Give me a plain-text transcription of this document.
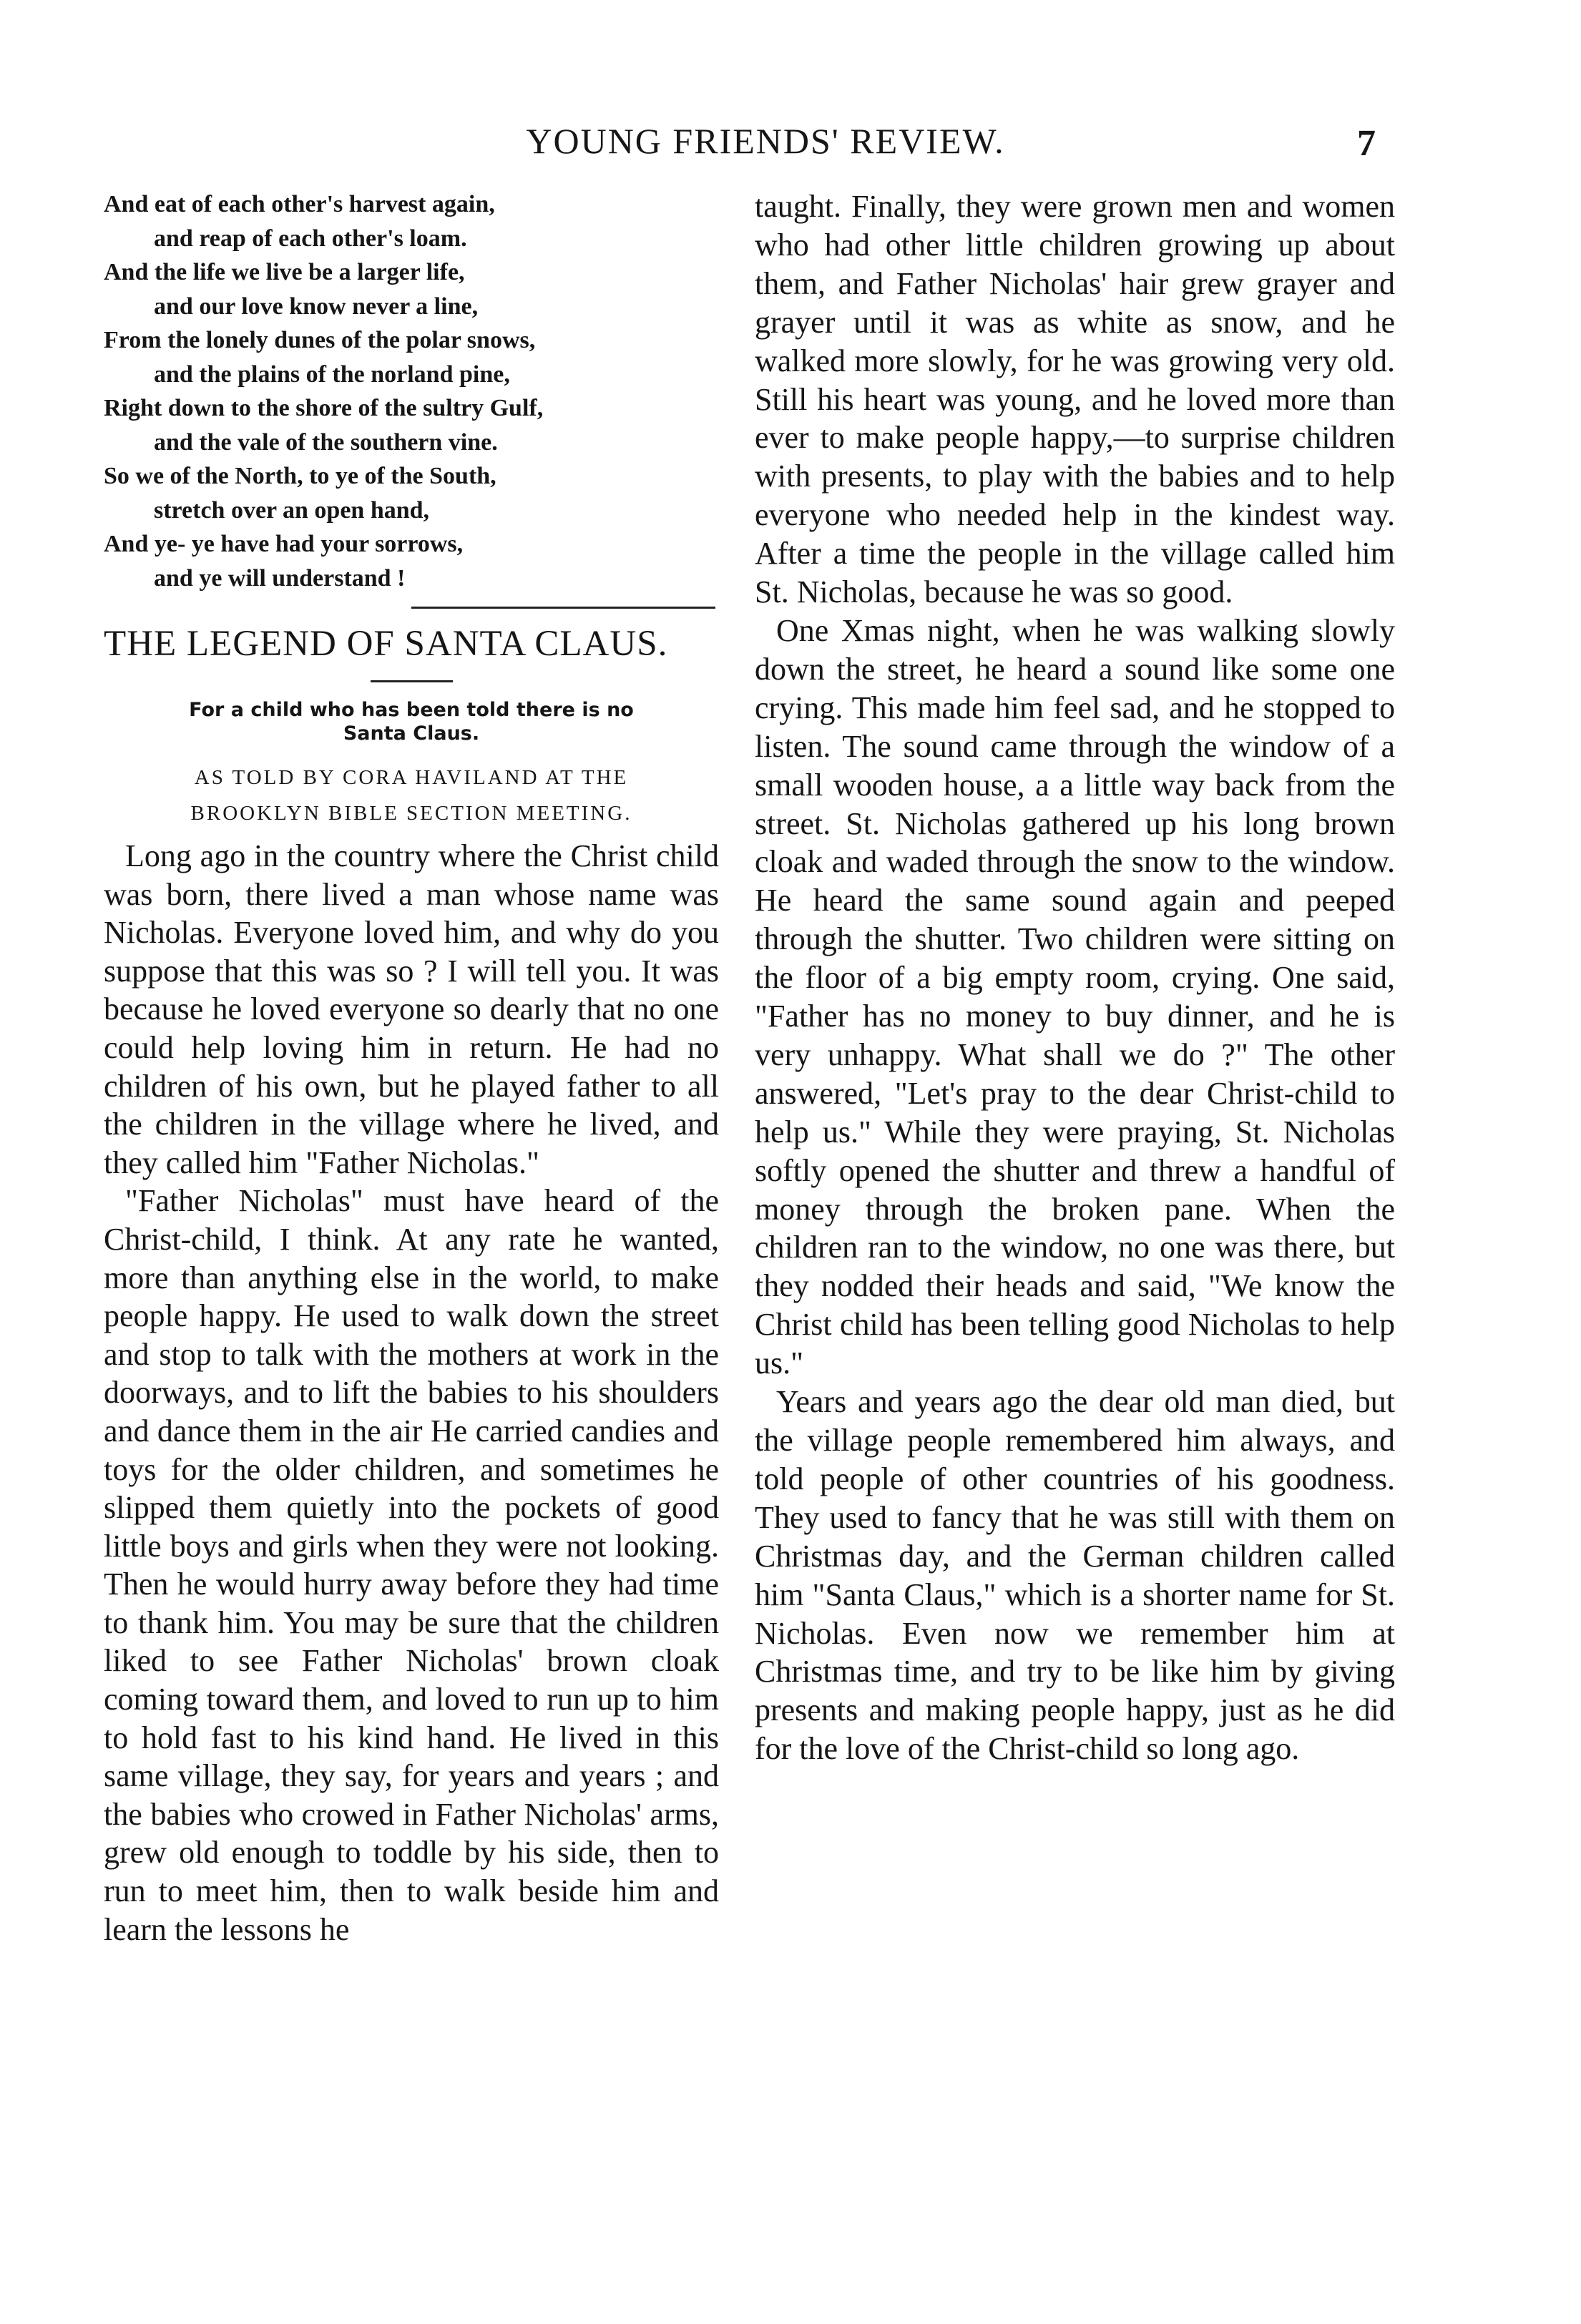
YOUNG FRIENDS' REVIEW.	7
And eat of each other's harvest again,
and reap of each other's loam.
And the life we live be a larger life,
and our love know never a line,
From the lonely dunes of the polar snows,
and the plains of the norland pine,
Right down to the shore of the sultry Gulf,
and the vale of the southern vine.
So we of the North, to ye of the South,
stretch over an open hand,
And ye- ye have had your sorrows,
and ye will understand !
THE LEGEND OF SANTA CLAUS.
For a child who has been told there is no
Santa Claus.
AS TOLD BY CORA HAVILAND AT THE
BROOKLYN BIBLE SECTION MEETING.

Long ago in the country where the Christ child was born, there lived a man whose name was Nicholas. Everyone loved him, and why do you suppose that this was so ? I will tell you. It was because he loved everyone so dearly that no one could help loving him in return. He had no children of his own, but he played father to all the children in the village where he lived, and they called him "Father Nicholas."

"Father Nicholas" must have heard of the Christ-child, I think. At any rate he wanted, more than anything else in the world, to make people happy. He used to walk down the street and stop to talk with the mothers at work in the doorways, and to lift the babies to his shoulders and dance them in the air He carried candies and toys for the older children, and sometimes he slipped them quietly into the pockets of good little boys and girls when they were not looking. Then he would hurry away before they had time to thank him. You may be sure that the children liked to see Father Nicholas' brown cloak coming toward them, and loved to run up to him to hold fast to his kind hand. He lived in this same village, they say, for years and years ; and the babies who crowed in Father Nicholas' arms, grew old enough to toddle by his side, then to run to meet him, then to walk beside him and learn the lessons he

taught. Finally, they were grown men and women who had other little children growing up about them, and Father Nicholas' hair grew grayer and grayer until it was as white as snow, and he walked more slowly, for he was growing very old. Still his heart was young, and he loved more than ever to make people happy,—to surprise children with presents, to play with the babies and to help everyone who needed help in the kindest way. After a time the people in the village called him St. Nicholas, because he was so good.

One Xmas night, when he was walking slowly down the street, he heard a sound like some one crying. This made him feel sad, and he stopped to listen. The sound came through the window of a small wooden house, a a little way back from the street. St. Nicholas gathered up his long brown cloak and waded through the snow to the window. He heard the same sound again and peeped through the shutter. Two children were sitting on the floor of a big empty room, crying. One said, "Father has no money to buy dinner, and he is very unhappy. What shall we do ?" The other answered, "Let's pray to the dear Christ-child to help us." While they were praying, St. Nicholas softly opened the shutter and threw a handful of money through the broken pane. When the children ran to the window, no one was there, but they nodded their heads and said, "We know the Christ child has been telling good Nicholas to help us."

Years and years ago the dear old man died, but the village people remembered him always, and told people of other countries of his goodness. They used to fancy that he was still with them on Christmas day, and the German children called him "Santa Claus," which is a shorter name for St. Nicholas. Even now we remember him at Christmas time, and try to be like him by giving presents and making people happy, just as he did for the love of the Christ-child so long ago.
